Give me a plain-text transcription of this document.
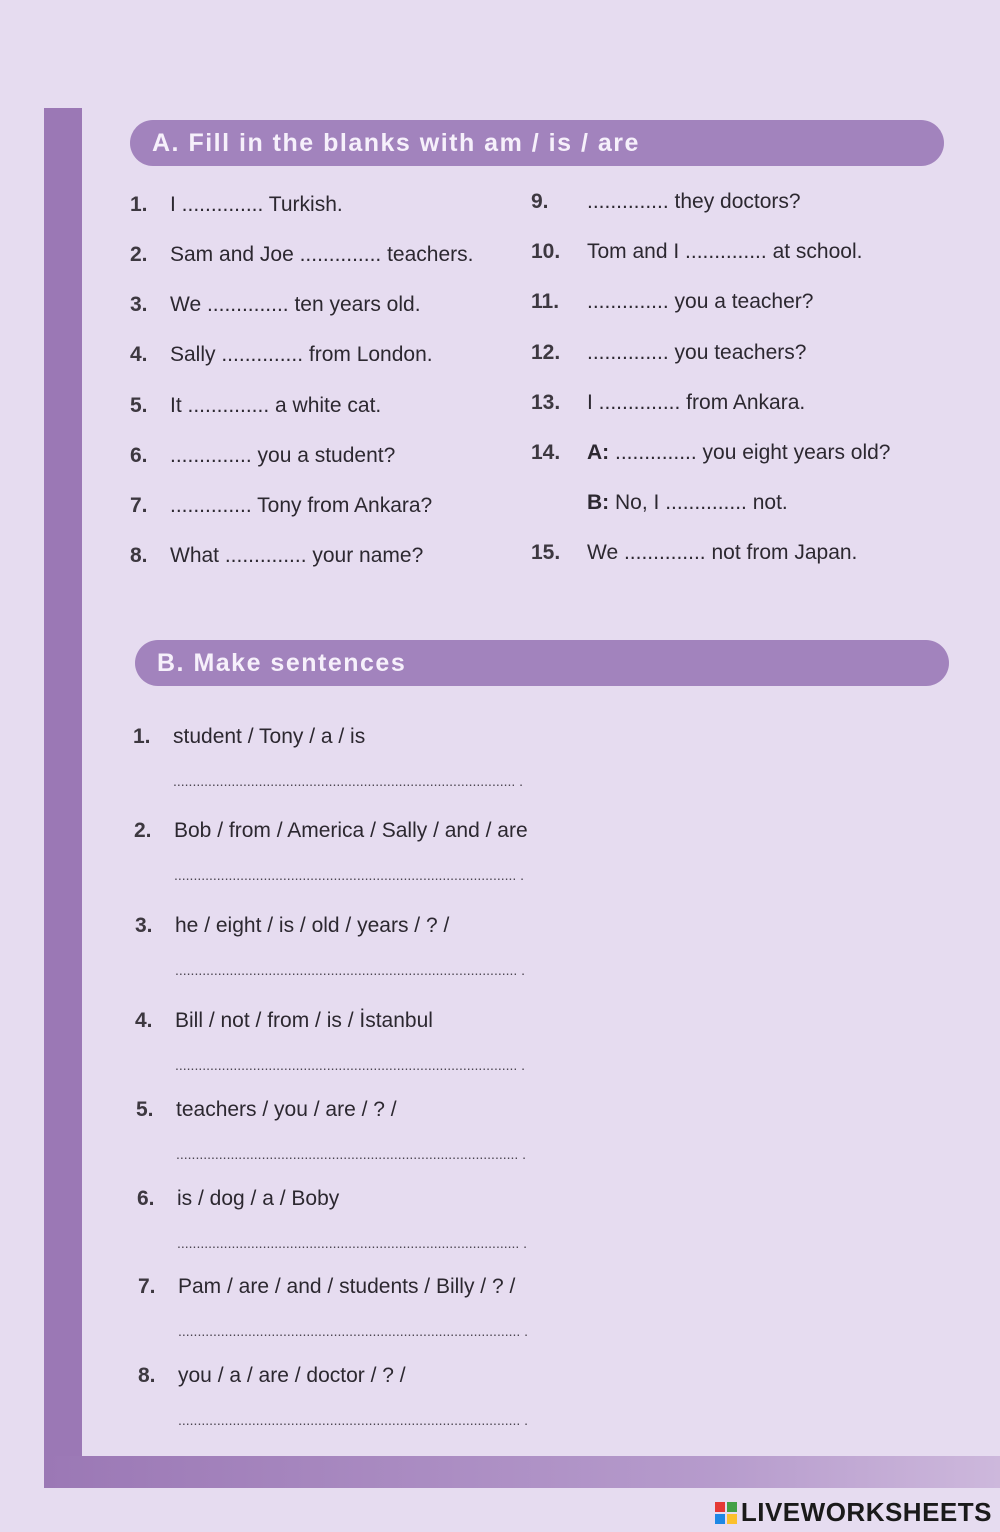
A. Fill in the blanks with am / is / are
B. Make sentences
1. I .............. Turkish.
2. Sam and Joe .............. teachers.
3. We .............. ten years old.
4. Sally .............. from London.
5. It .............. a white cat.
6. .............. you a student?
7. .............. Tony from Ankara?
8. What .............. your name?
9. .............. they doctors?
10. Tom and I .............. at school.
11. .............. you a teacher?
12. .............. you teachers?
13. I .............. from Ankara.
14. A: .............. you eight years old?
B: No, I .............. not.
15. We .............. not from Japan.
1. student / Tony / a / is
........................................................................................ .
2. Bob / from / America / Sally / and / are
........................................................................................ .
3. he / eight / is / old / years / ? /
........................................................................................ .
4. Bill / not / from / is / İstanbul
........................................................................................ .
5. teachers / you / are / ? /
........................................................................................ .
6. is / dog / a / Boby
........................................................................................ .
7. Pam / are / and / students / Billy / ? /
........................................................................................ .
8. you / a / are / doctor / ? /
........................................................................................ .
LIVEWORKSHEETS
